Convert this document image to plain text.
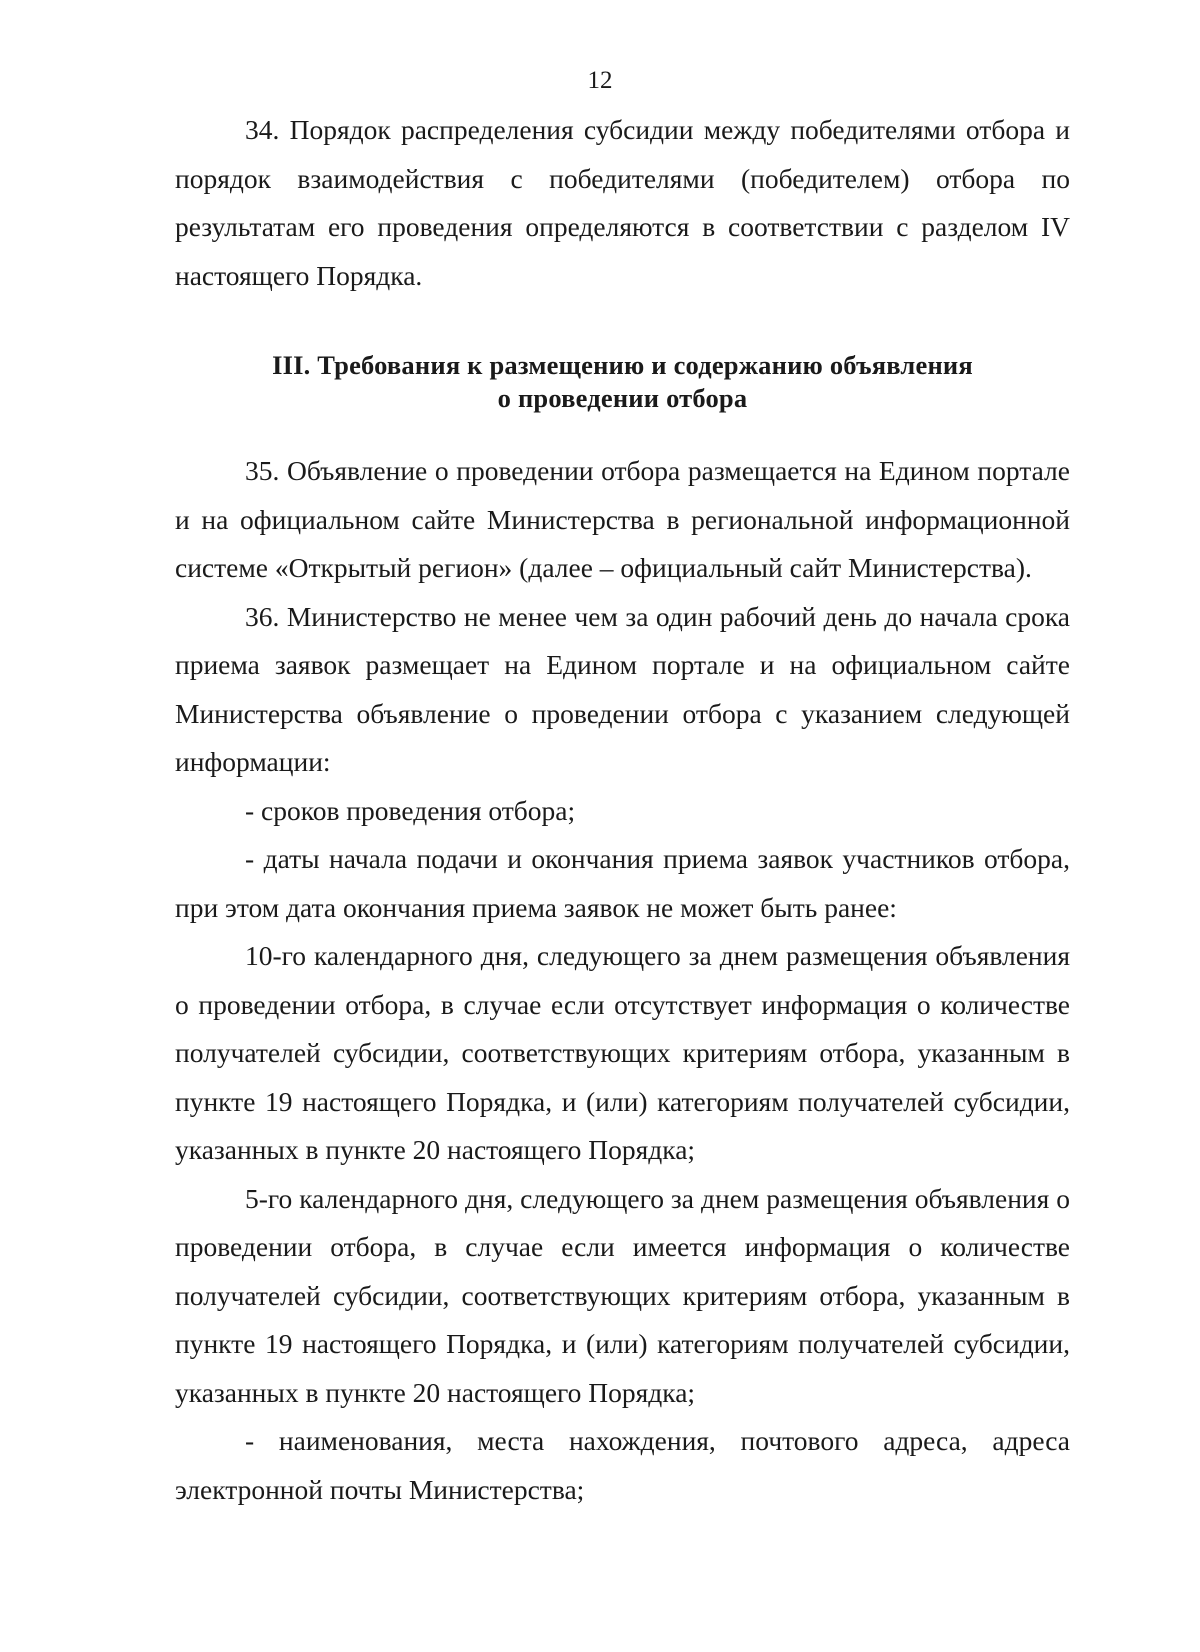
12

34. Порядок распределения субсидии между победителями отбора и порядок взаимодействия с победителями (победителем) отбора по результатам его проведения определяются в соответствии с разделом IV настоящего Порядка.

III. Требования к размещению и содержанию объявления
о проведении отбора

35. Объявление о проведении отбора размещается на Едином портале и на официальном сайте Министерства в региональной информационной системе «Открытый регион» (далее – официальный сайт Министерства).

36. Министерство не менее чем за один рабочий день до начала срока приема заявок размещает на Едином портале и на официальном сайте Министерства объявление о проведении отбора с указанием следующей информации:

- сроков проведения отбора;

- даты начала подачи и окончания приема заявок участников отбора, при этом дата окончания приема заявок не может быть ранее:

10-го календарного дня, следующего за днем размещения объявления о проведении отбора, в случае если отсутствует информация о количестве получателей субсидии, соответствующих критериям отбора, указанным в пункте 19 настоящего Порядка, и (или) категориям получателей субсидии, указанных в пункте 20 настоящего Порядка;

5-го календарного дня, следующего за днем размещения объявления о проведении отбора, в случае если имеется информация о количестве получателей субсидии, соответствующих критериям отбора, указанным в пункте 19 настоящего Порядка, и (или) категориям получателей субсидии, указанных в пункте 20 настоящего Порядка;

- наименования, места нахождения, почтового адреса, адреса электронной почты Министерства;
